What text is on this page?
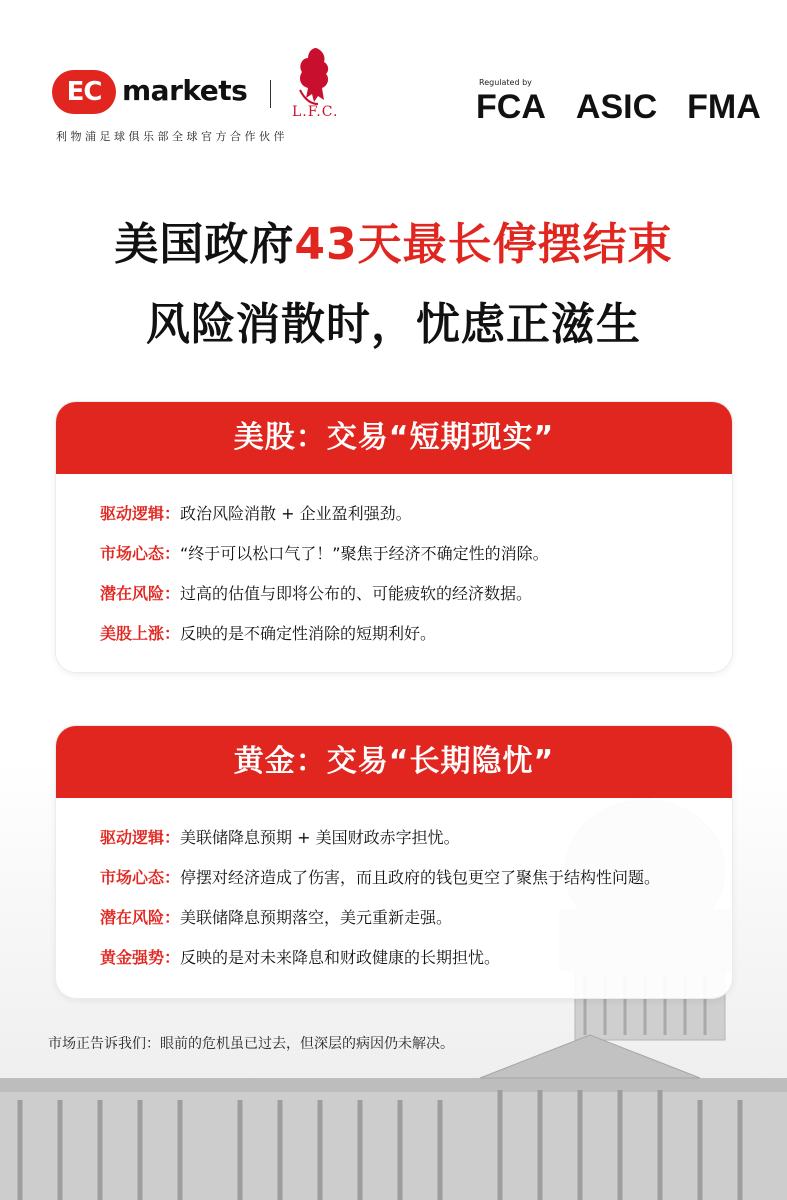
EC markets
L.F.C.
利物浦足球俱乐部全球官方合作伙伴
Regulated by
FCA ASIC FMA
美国政府43天最长停摆结束
风险消散时，忧虑正滋生
美股：交易“短期现实”
驱动逻辑：政治风险消散 + 企业盈利强劲。
市场心态：“终于可以松口气了！”聚焦于经济不确定性的消除。
潜在风险：过高的估值与即将公布的、可能疲软的经济数据。
美股上涨：反映的是不确定性消除的短期利好。
黄金：交易“长期隐忧”
驱动逻辑：美联储降息预期 + 美国财政赤字担忧。
市场心态：停摆对经济造成了伤害，而且政府的钱包更空了聚焦于结构性问题。
潜在风险：美联储降息预期落空，美元重新走强。
黄金强势：反映的是对未来降息和财政健康的长期担忧。
市场正告诉我们：眼前的危机虽已过去，但深层的病因仍未解决。
